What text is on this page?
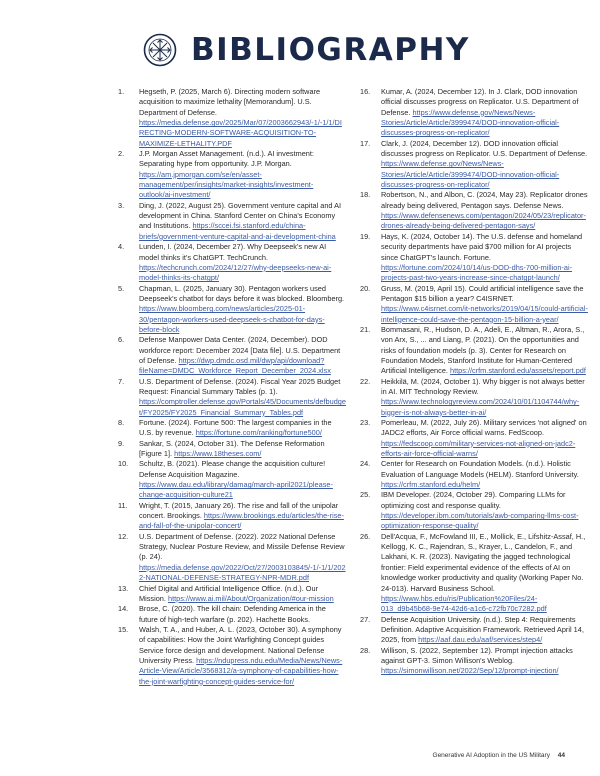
BIBLIOGRAPHY
1.	Hegseth, P. (2025, March 6). Directing modern software acquisition to maximize lethality [Memorandum]. U.S. Department of Defense. https://media.defense.gov/2025/Mar/07/2003662943/-1/-1/1/DIRECTING-MODERN-SOFTWARE-ACQUISITION-TO-MAXIMIZE-LETHALITY.PDF
2.	J.P. Morgan Asset Management. (n.d.). AI investment: Separating hype from opportunity. J.P. Morgan. https://am.jpmorgan.com/se/en/asset-management/per/insights/market-insights/investment-outlook/ai-investment/
3.	Ding, J. (2022, August 25). Government venture capital and AI development in China. Stanford Center on China's Economy and Institutions. https://sccei.fsi.stanford.edu/china-briefs/government-venture-capital-and-ai-development-china
4.	Lunden, I. (2024, December 27). Why Deepseek's new AI model thinks it's ChatGPT. TechCrunch. https://techcrunch.com/2024/12/27/why-deepseeks-new-ai-model-thinks-its-chatgpt/
5.	Chapman, L. (2025, January 30). Pentagon workers used Deepseek's chatbot for days before it was blocked. Bloomberg. https://www.bloomberg.com/news/articles/2025-01-30/pentagon-workers-used-deepseek-s-chatbot-for-days-before-block
6.	Defense Manpower Data Center. (2024, December). DOD workforce report: December 2024 [Data file]. U.S. Department of Defense. https://dwp.dmdc.osd.mil/dwp/api/download?fileName=DMDC_Workforce_Report_December_2024.xlsx
7.	U.S. Department of Defense. (2024). Fiscal Year 2025 Budget Request: Financial Summary Tables (p. 1). https://comptroller.defense.gov/Portals/45/Documents/defbudget/FY2025/FY2025_Financial_Summary_Tables.pdf
8.	Fortune. (2024). Fortune 500: The largest companies in the U.S. by revenue. https://fortune.com/ranking/fortune500/
9.	Sankar, S. (2024, October 31). The Defense Reformation [Figure 1]. https://www.18theses.com/
10.	Schultz, B. (2021). Please change the acquisition culture! Defense Acquisition Magazine. https://www.dau.edu/library/damag/march-april2021/please-change-acquisition-culture21
11.	Wright, T. (2015, January 26). The rise and fall of the unipolar concert. Brookings. https://www.brookings.edu/articles/the-rise-and-fall-of-the-unipolar-concert/
12.	U.S. Department of Defense. (2022). 2022 National Defense Strategy, Nuclear Posture Review, and Missile Defense Review (p. 24). https://media.defense.gov/2022/Oct/27/2003103845/-1/-1/1/2022-NATIONAL-DEFENSE-STRATEGY-NPR-MDR.pdf
13.	Chief Digital and Artificial Intelligence Office. (n.d.). Our Mission. https://www.ai.mil/About/Organization/#our-mission
14.	Brose, C. (2020). The kill chain: Defending America in the future of high-tech warfare (p. 202). Hachette Books.
15.	Walsh, T. A., and Huber, A. L. (2023, October 30). A symphony of capabilities: How the Joint Warfighting Concept guides Service force design and development. National Defense University Press. https://ndupress.ndu.edu/Media/News/News-Article-View/Article/3568312/a-symphony-of-capabilities-how-the-joint-warfighting-concept-guides-service-for/
16.	Kumar, A. (2024, December 12). In J. Clark, DOD innovation official discusses progress on Replicator. U.S. Department of Defense. https://www.defense.gov/News/News-Stories/Article/Article/3999474/DOD-innovation-official-discusses-progress-on-replicator/
17.	Clark, J. (2024, December 12). DOD innovation official discusses progress on Replicator. U.S. Department of Defense. https://www.defense.gov/News/News-Stories/Article/Article/3999474/DOD-innovation-official-discusses-progress-on-replicator/
18.	Robertson, N., and Albon, C. (2024, May 23). Replicator drones already being delivered, Pentagon says. Defense News. https://www.defensenews.com/pentagon/2024/05/23/replicator-drones-already-being-delivered-pentagon-says/
19.	Hays, K. (2024, October 14). The U.S. defense and homeland security departments have paid $700 million for AI projects since ChatGPT's launch. Fortune. https://fortune.com/2024/10/14/us-DOD-dhs-700-million-ai-projects-past-two-years-increase-since-chatgpt-launch/
20.	Gruss, M. (2019, April 15). Could artificial intelligence save the Pentagon $15 billion a year? C4ISRNET. https://www.c4isrnet.com/it-networks/2019/04/15/could-artificial-intelligence-could-save-the-pentagon-15-billion-a-year/
21.	Bommasani, R., Hudson, D. A., Adeli, E., Altman, R., Arora, S., von Arx, S., ... and Liang, P. (2021). On the opportunities and risks of foundation models (p. 3). Center for Research on Foundation Models, Stanford Institute for Human-Centered Artificial Intelligence. https://crfm.stanford.edu/assets/report.pdf
22.	Heikkilä, M. (2024, October 1). Why bigger is not always better in AI. MIT Technology Review. https://www.technologyreview.com/2024/10/01/1104744/why-bigger-is-not-always-better-in-ai/
23.	Pomerleau, M. (2022, July 26). Military services 'not aligned' on JADC2 efforts, Air Force official warns. FedScoop. https://fedscoop.com/military-services-not-aligned-on-jadc2-efforts-air-force-official-warns/
24.	Center for Research on Foundation Models. (n.d.). Holistic Evaluation of Language Models (HELM). Stanford University. https://crfm.stanford.edu/helm/
25.	IBM Developer. (2024, October 29). Comparing LLMs for optimizing cost and response quality. https://developer.ibm.com/tutorials/awb-comparing-llms-cost-optimization-response-quality/
26.	Dell'Acqua, F., McFowland III, E., Mollick, E., Lifshitz-Assaf, H., Kellogg, K. C., Rajendran, S., Krayer, L., Candelon, F., and Lakhani, K. R. (2023). Navigating the jagged technological frontier: Field experimental evidence of the effects of AI on knowledge worker productivity and quality (Working Paper No. 24-013). Harvard Business School. https://www.hbs.edu/ris/Publication%20Files/24-013_d9b45b68-9e74-42d6-a1c6-c72fb70c7282.pdf
27.	Defense Acquisition University. (n.d.). Step 4: Requirements Definition. Adaptive Acquisition Framework. Retrieved April 14, 2025, from https://aaf.dau.edu/aaf/services/step4/
28.	Willison, S. (2022, September 12). Prompt injection attacks against GPT-3. Simon Willison's Weblog. https://simonwillison.net/2022/Sep/12/prompt-injection/
Generative AI Adoption in the US Military 44
